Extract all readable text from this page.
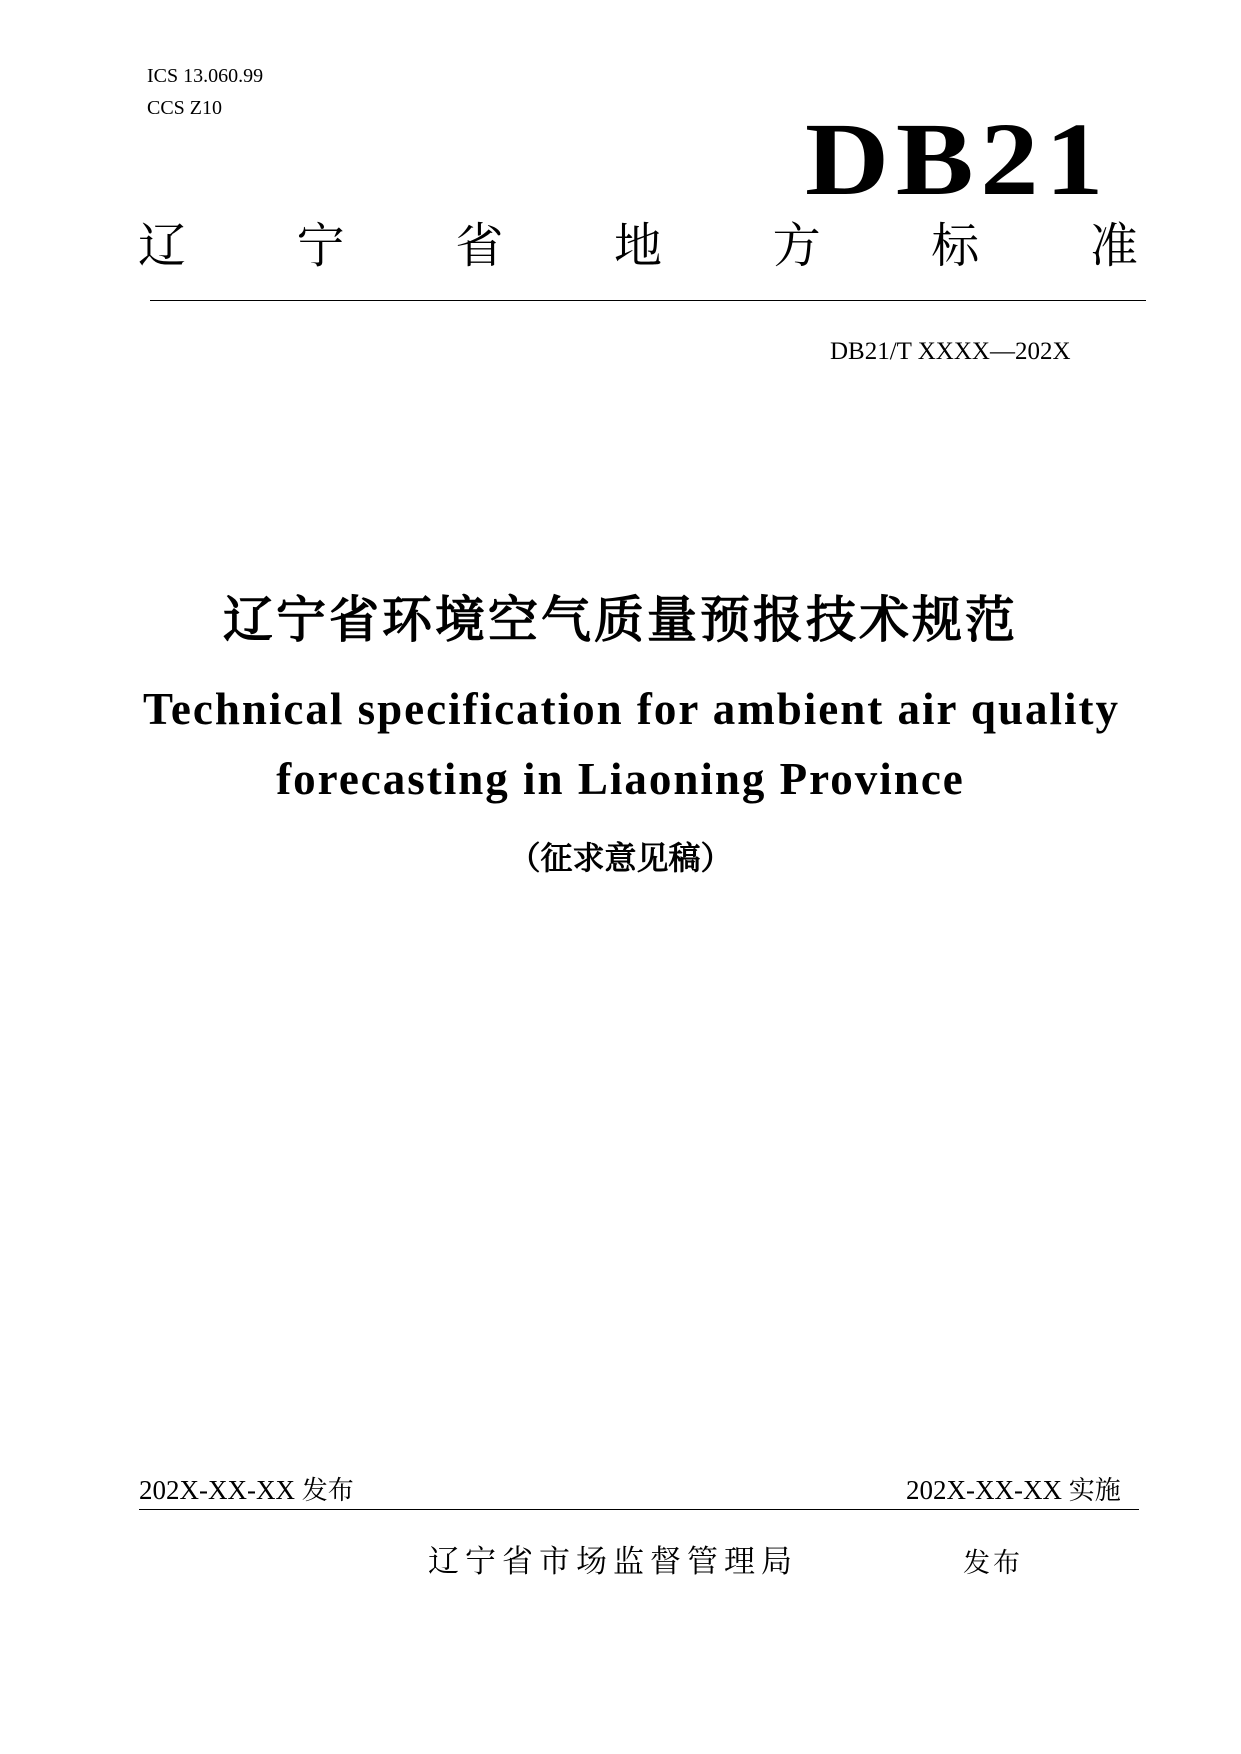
ICS 13.060.99
CCS Z10	DB21
辽 宁 省 地 方 标 准
DB21/T XXXX—202X
辽宁省环境空气质量预报技术规范
Technical specification for ambient air quality
forecasting in Liaoning Province
（征求意见稿）
202X-XX-XX 发布	202X-XX-XX 实施
辽宁省市场监督管理局	发布
